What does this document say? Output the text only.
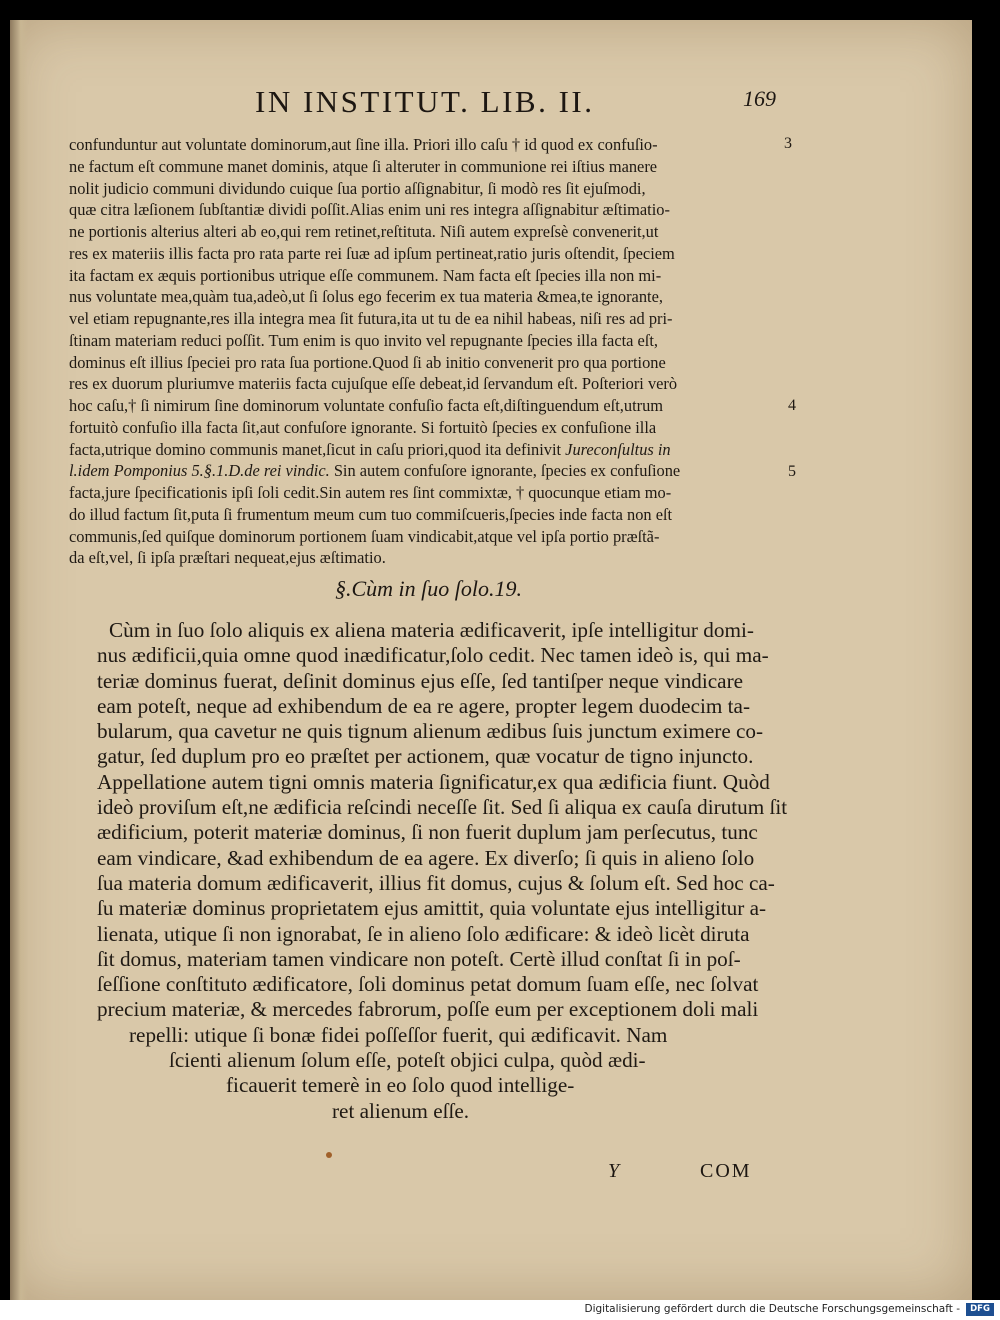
IN INSTITUT. LIB. II.	169
confunduntur aut voluntate dominorum,aut ſine illa. Priori illo caſu † id quod ex confuſio-
ne factum eſt commune manet dominis, atque ſi alteruter in communione rei iſtius manere
nolit judicio communi dividundo cuique ſua portio aſſignabitur, ſi modò res ſit ejuſmodi,
quæ citra læſionem ſubſtantiæ dividi poſſit.Alias enim uni res integra aſſignabitur æſtimatio-
ne portionis alterius alteri ab eo,qui rem retinet,reſtituta. Niſi autem expreſsè convenerit,ut
res ex materiis illis facta pro rata parte rei ſuæ ad ipſum pertineat,ratio juris oſtendit, ſpeciem
ita factam ex æquis portionibus utrique eſſe communem. Nam facta eſt ſpecies illa non mi-
nus voluntate mea,quàm tua,adeò,ut ſi ſolus ego fecerim ex tua materia &mea,te ignorante,
vel etiam repugnante,res illa integra mea ſit futura,ita ut tu de ea nihil habeas, niſi res ad pri-
ſtinam materiam reduci poſſit. Tum enim is quo invito vel repugnante ſpecies illa facta eſt,
dominus eſt illius ſpeciei pro rata ſua portione.Quod ſi ab initio convenerit pro qua portione
res ex duorum pluriumve materiis facta cujuſque eſſe debeat,id ſervandum eſt. Poſteriori verò
hoc caſu,† ſi nimirum ſine dominorum voluntate confuſio facta eſt,diſtinguendum eſt,utrum
fortuitò confuſio illa facta ſit,aut confuſore ignorante. Si fortuitò ſpecies ex confuſione illa
facta,utrique domino communis manet,ſicut in caſu priori,quod ita definivit Jureconſultus in
l.idem Pomponius 5.§.1.D.de rei vindic. Sin autem confuſore ignorante, ſpecies ex confuſione
facta,jure ſpecificationis ipſi ſoli cedit.Sin autem res ſint commixtæ, † quocunque etiam mo-
do illud factum ſit,puta ſi frumentum meum cum tuo commiſcueris,ſpecies inde facta non eſt
communis,ſed quiſque dominorum portionem ſuam vindicabit,atque vel ipſa portio præſtã-
da eſt,vel, ſi ipſa præſtari nequeat,ejus æſtimatio.
3
4
5
§.Cùm in ſuo ſolo.19.
Cùm in ſuo ſolo aliquis ex aliena materia ædificaverit, ipſe intelligitur domi-
nus ædificii,quia omne quod inædificatur,ſolo cedit. Nec tamen ideò is, qui ma-
teriæ dominus fuerat, deſinit dominus ejus eſſe, ſed tantiſper neque vindicare
eam poteſt, neque ad exhibendum de ea re agere, propter legem duodecim ta-
bularum, qua cavetur ne quis tignum alienum ædibus ſuis junctum eximere co-
gatur, ſed duplum pro eo præſtet per actionem, quæ vocatur de tigno injuncto.
Appellatione autem tigni omnis materia ſignificatur,ex qua ædificia fiunt. Quòd
ideò proviſum eſt,ne ædificia reſcindi neceſſe ſit. Sed ſi aliqua ex cauſa dirutum ſit
ædificium, poterit materiæ dominus, ſi non fuerit duplum jam perſecutus, tunc
eam vindicare, &ad exhibendum de ea agere. Ex diverſo; ſi quis in alieno ſolo
ſua materia domum ædificaverit, illius fit domus, cujus & ſolum eſt. Sed hoc ca-
ſu materiæ dominus proprietatem ejus amittit, quia voluntate ejus intelligitur a-
lienata, utique ſi non ignorabat, ſe in alieno ſolo ædificare: & ideò licèt diruta
ſit domus, materiam tamen vindicare non poteſt. Certè illud conſtat ſi in poſ-
ſeſſione conſtituto ædificatore, ſoli dominus petat domum ſuam eſſe, nec ſolvat
precium materiæ, & mercedes fabrorum, poſſe eum per exceptionem doli mali
repelli: utique ſi bonæ fidei poſſeſſor fuerit, qui ædificavit. Nam
ſcienti alienum ſolum eſſe, poteſt objici culpa, quòd ædi-
ficauerit temerè in eo ſolo quod intellige-
ret alienum eſſe.
Y	COM
Digitalisierung gefördert durch die Deutsche Forschungsgemeinschaft -	DFG
